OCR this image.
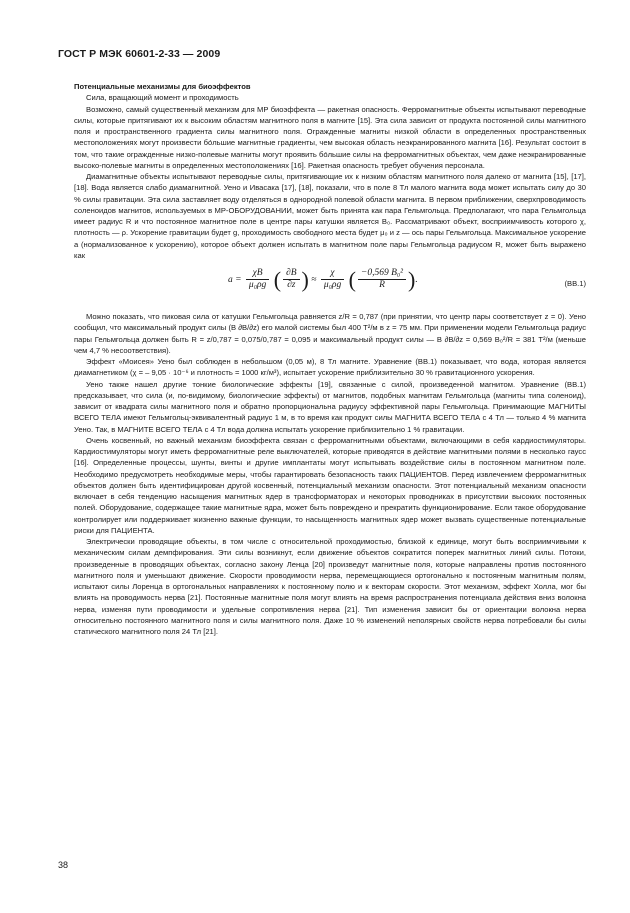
ГОСТ Р МЭК 60601-2-33 — 2009

Потенциальные механизмы для биоэффектов

Сила, вращающий момент и проходимость

Возможно, самый существенный механизм для МР биоэффекта — ракетная опасность. Ферромагнитные объекты испытывают переводные силы, которые притягивают их к высоким областям магнитного поля в магните [15]. Эта сила зависит от продукта постоянной силы магнитного поля и пространственного градиента силы магнитного поля. Огражденные магниты низкой области в определенных пространственных местоположениях могут произвести бо́льшие магнитные градиенты, чем высокая область неэкранированного магнита [16]. Результат состоит в том, что такие огражденные низко-полевые магниты могут проявить бо́льшие силы на ферромагнитных объектах, чем даже неэкранированные высоко-полевые магниты в определенных местоположениях [16]. Ракетная опасность требует обучения персонала.

Диамагнитные объекты испытывают переводные силы, притягивающие их к низким областям магнитного поля далеко от магнита [15], [17], [18]. Вода является слабо диамагнитной. Уено и Ивасака [17], [18], показали, что в поле 8 Тл малого магнита вода может испытать силу до 30 % силы гравитации. Эта сила заставляет воду отделяться в однородной полевой области магнита. В первом приближении, сверхпроводимость соленоидов магнитов, используемых в МР-ОБОРУДОВАНИИ, может быть принята как пара Гельмгольца. Предполагают, что пара Гельмгольца имеет радиус R и что постоянное магнитное поле в центре пары катушки является B₀. Рассматривают объект, восприимчивость которого χ, плотность — ρ. Ускорение гравитации будет g, проходимость свободного места будет μ₀ и z — ось пары Гельмгольца. Максимальное ускорение a (нормализованное к ускорению), которое объект должен испытать в магнитном поле пары Гельмгольца радиусом R, может быть выражено как

$a = \frac{\chi B}{\text{μ₀ρg}}$ ( $\frac{\partial B}{\partial z}$ ) ≈ $\frac{\chi}{\text{μ₀ρg}}$ ( $\frac{\text{−0,569 B₀²}}{R}$ ).	(ВВ.1)

Можно показать, что пиковая сила от катушки Гельмгольца равняется z/R = 0,787 (при принятии, что центр пары соответствует z = 0). Уено сообщил, что максимальный продукт силы (B ∂B/∂z) его малой системы был 400 Т²/м в z = 75 мм. При применении модели Гельмгольца радиус пары Гельмгольца должен быть R = z/0,787 = 0,075/0,787 = 0,095 и максимальный продукт силы — B ∂B/∂z = 0,569 B₀²/R = 381 Т²/м (меньше чем 4,7 % несоответствия).

Эффект «Моисея» Уено был соблюден в небольшом (0,05 м), 8 Тл магните. Уравнение (ВВ.1) показывает, что вода, которая является диамагнетиком (χ = – 9,05 · 10⁻⁶ и плотность = 1000 кг/м³), испытает ускорение приблизительно 30 % гравитационного ускорения.

Уено также нашел другие тонкие биологические эффекты [19], связанные с силой, произведенной магнитом. Уравнение (ВВ.1) предсказывает, что сила (и, по-видимому, биологические эффекты) от магнитов, подобных магнитам Гельмгольца (магниты типа соленоид), зависит от квадрата силы магнитного поля и обратно пропорциональна радиусу эффективной пары Гельмгольца. Принимающие МАГНИТЫ ВСЕГО ТЕЛА имеют Гельмгольц-эквивалентный радиус 1 м, в то время как продукт силы МАГНИТА ВСЕГО ТЕЛА с 4 Тл — только 4 % магнита Уено. Так, в МАГНИТЕ ВСЕГО ТЕЛА с 4 Тл вода должна испытать ускорение приблизительно 1 % гравитации.

Очень косвенный, но важный механизм биоэффекта связан с ферромагнитными объектами, включающими в себя кардиостимуляторы. Кардиостимуляторы могут иметь ферромагнитные реле выключателей, которые приводятся в действие магнитными полями в несколько гаусс [16]. Определенные процессы, шунты, винты и другие имплантаты могут испытывать воздействие силы в постоянном магнитном поле. Необходимо предусмотреть необходимые меры, чтобы гарантировать безопасность таких ПАЦИЕНТОВ. Перед извлечением ферромагнитных объектов должен быть идентифицирован другой косвенный, потенциальный механизм опасности. Этот потенциальный механизм опасности включает в себя тенденцию насыщения магнитных ядер в трансформаторах и некоторых проводниках в присутствии высоких постоянных полей. Оборудование, содержащее такие магнитные ядра, может быть повреждено и прекратить функционирование. Если такое оборудование контролирует или поддерживает жизненно важные функции, то насыщенность магнитных ядер может вызвать существенные потенциальные риски для ПАЦИЕНТА.

Электрически проводящие объекты, в том числе с относительной проходимостью, близкой к единице, могут быть восприимчивыми к механическим силам демпфирования. Эти силы возникнут, если движение объектов сократится поперек магнитных линий силы. Потоки, произведенные в проводящих объектах, согласно закону Ленца [20] произведут магнитные поля, которые направлены против постоянного магнитного поля и уменьшают движение. Скорости проводимости нерва, перемещающиеся ортогонально к постоянным магнитным полям, испытают силы Лоренца в ортогональных направлениях к постоянному полю и к векторам скорости. Этот механизм, эффект Холла, мог бы влиять на проводимость нерва [21]. Постоянные магнитные поля могут влиять на время распространения потенциала действия вниз волокна нерва, изменяя пути проводимости и удельные сопротивления нерва [21]. Тип изменения зависит бы от ориентации волокна нерва относительно постоянного магнитного поля и силы магнитного поля. Даже 10 % изменений неполярных свойств нерва потребовали бы силы статического магнитного поля 24 Тл [21].

38
